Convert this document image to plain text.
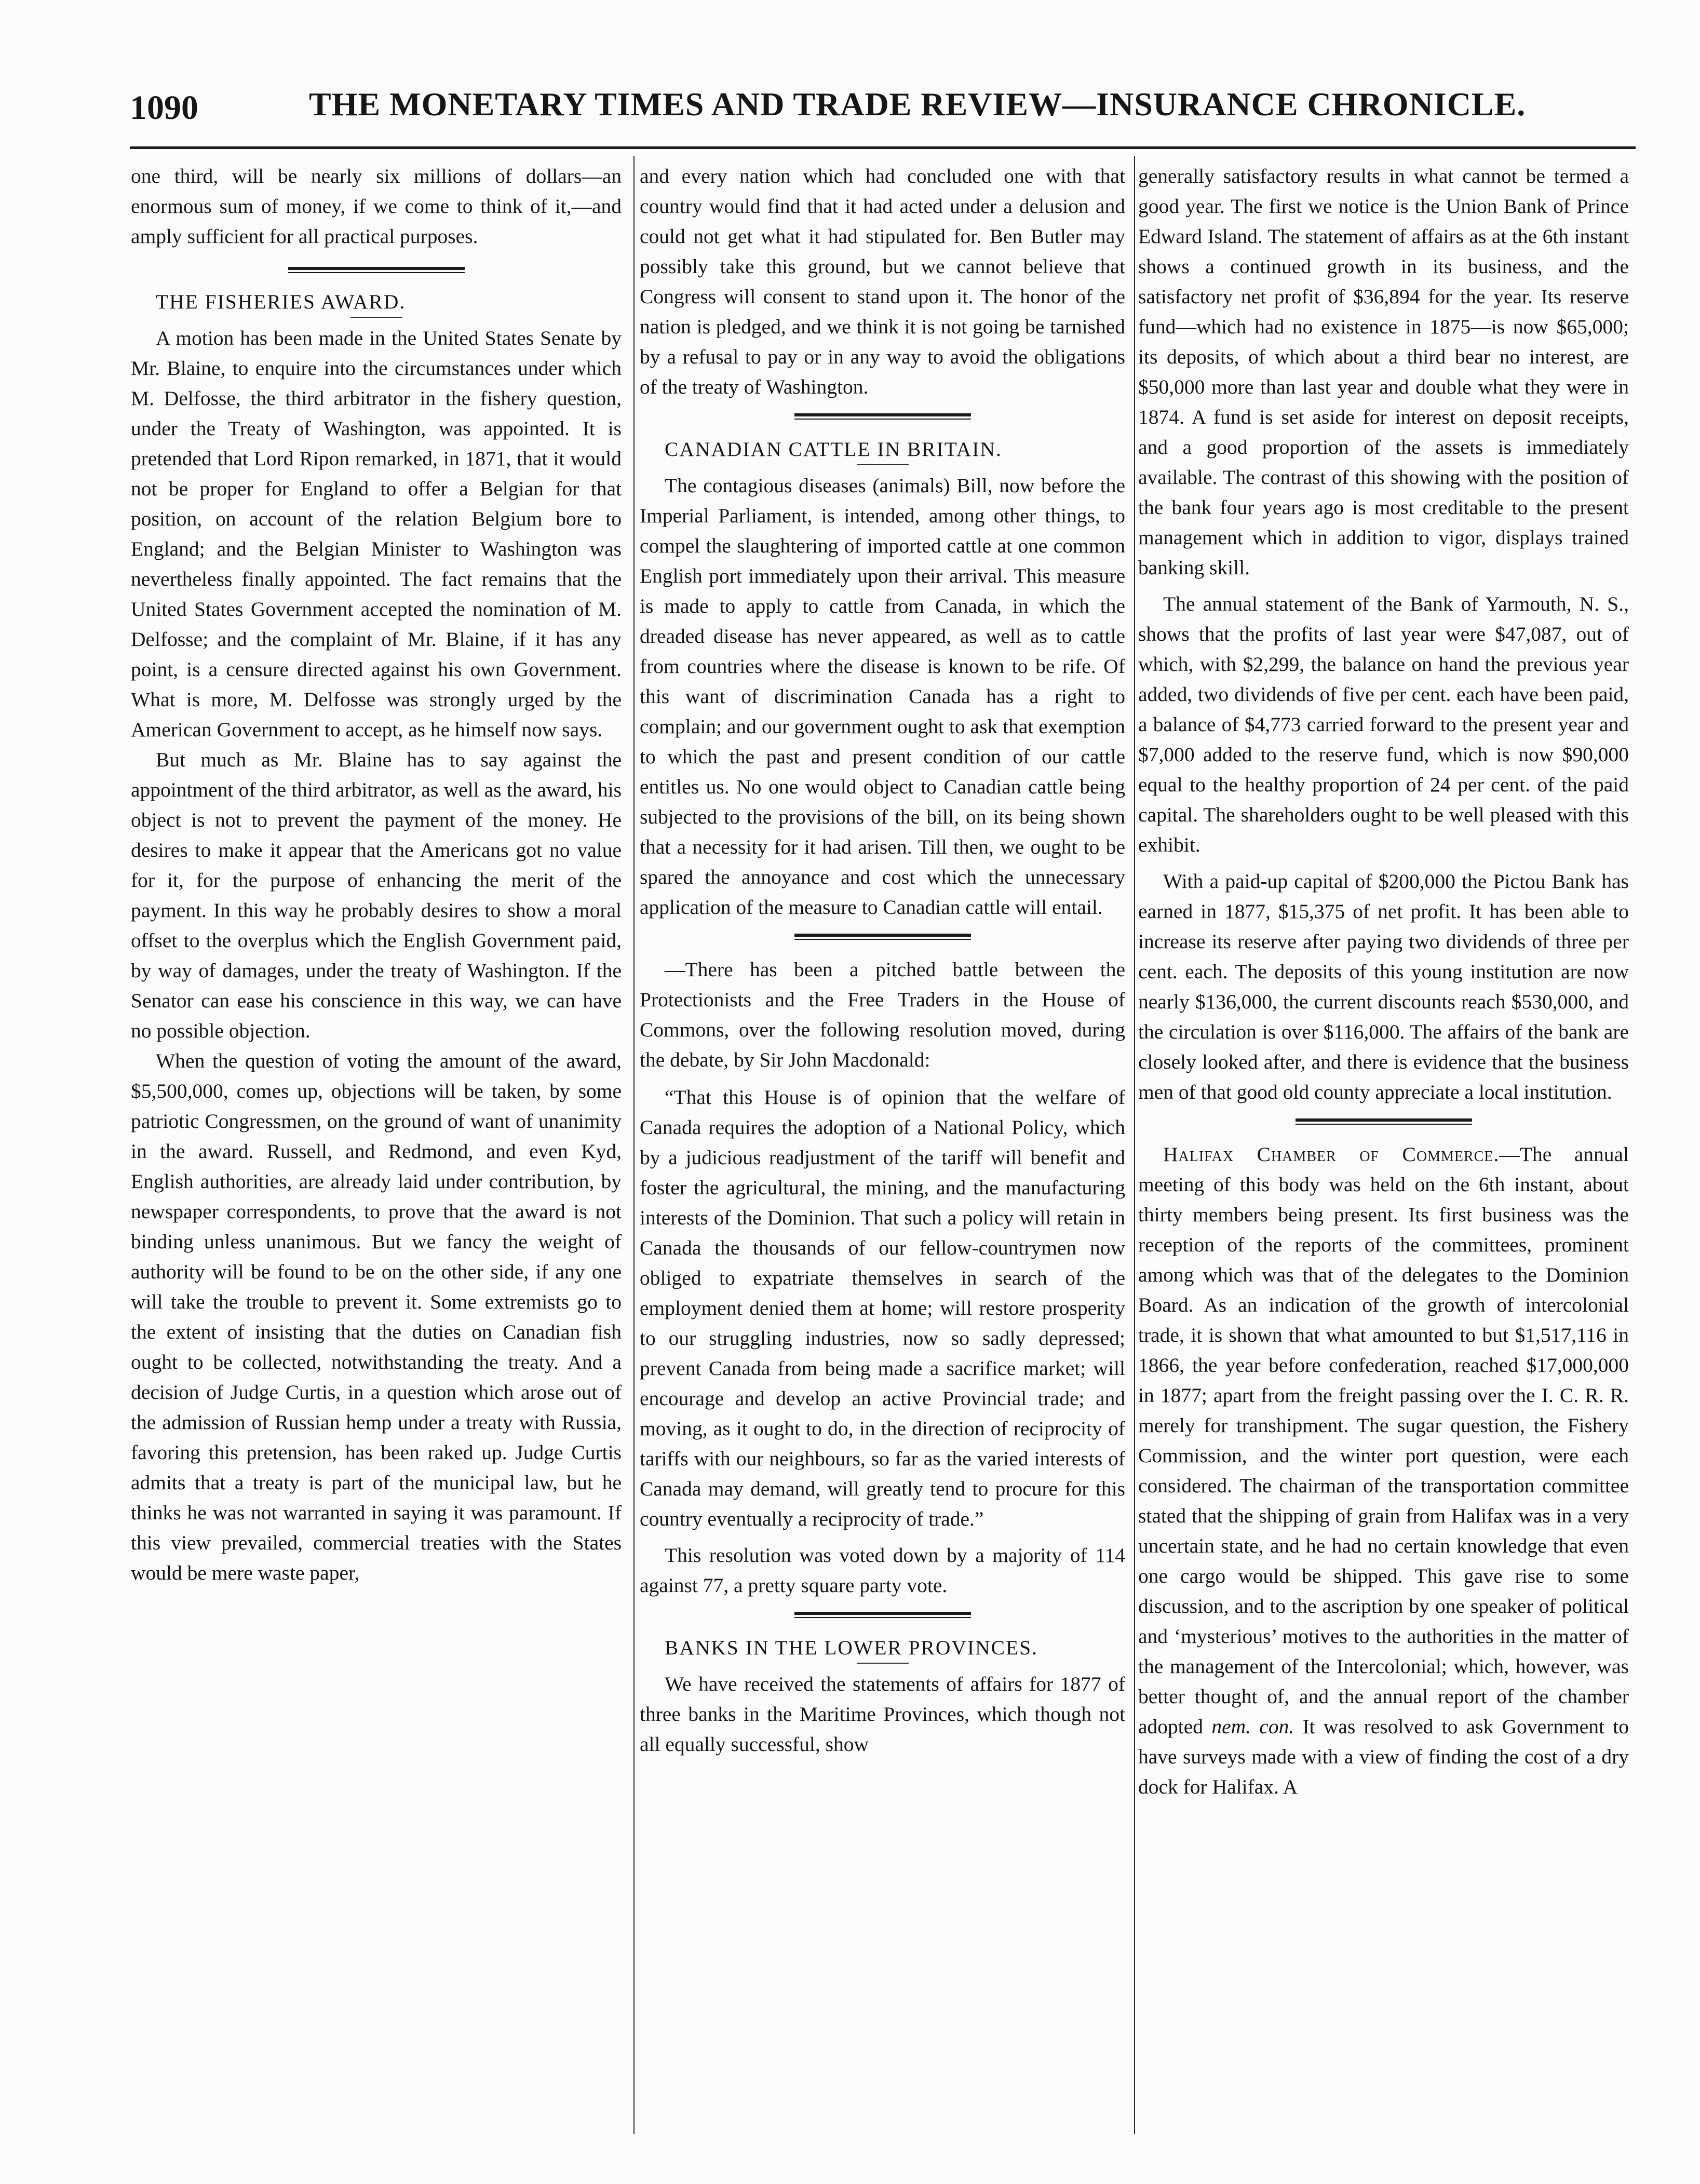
1090	THE MONETARY TIMES AND TRADE REVIEW—INSURANCE CHRONICLE.

one third, will be nearly six millions of dollars—an enormous sum of money, if we come to think of it,—and amply sufficient for all practical purposes.

THE FISHERIES AWARD.

A motion has been made in the United States Senate by Mr. Blaine, to enquire into the circumstances under which M. Delfosse, the third arbitrator in the fishery question, under the Treaty of Washington, was appointed. It is pretended that Lord Ripon remarked, in 1871, that it would not be proper for England to offer a Belgian for that position, on account of the relation Belgium bore to England; and the Belgian Minister to Washington was nevertheless finally appointed. The fact remains that the United States Government accepted the nomination of M. Delfosse; and the complaint of Mr. Blaine, if it has any point, is a censure directed against his own Government. What is more, M. Delfosse was strongly urged by the American Government to accept, as he himself now says.

But much as Mr. Blaine has to say against the appointment of the third arbitrator, as well as the award, his object is not to prevent the payment of the money. He desires to make it appear that the Americans got no value for it, for the purpose of enhancing the merit of the payment. In this way he probably desires to show a moral offset to the overplus which the English Government paid, by way of damages, under the treaty of Washington. If the Senator can ease his conscience in this way, we can have no possible objection.

When the question of voting the amount of the award, $5,500,000, comes up, objections will be taken, by some patriotic Congressmen, on the ground of want of unanimity in the award. Russell, and Redmond, and even Kyd, English authorities, are already laid under contribution, by newspaper correspondents, to prove that the award is not binding unless unanimous. But we fancy the weight of authority will be found to be on the other side, if any one will take the trouble to prevent it. Some extremists go to the extent of insisting that the duties on Canadian fish ought to be collected, notwithstanding the treaty. And a decision of Judge Curtis, in a question which arose out of the admission of Russian hemp under a treaty with Russia, favoring this pretension, has been raked up. Judge Curtis admits that a treaty is part of the municipal law, but he thinks he was not warranted in saying it was paramount. If this view prevailed, commercial treaties with the States would be mere waste paper,

and every nation which had concluded one with that country would find that it had acted under a delusion and could not get what it had stipulated for. Ben Butler may possibly take this ground, but we cannot believe that Congress will consent to stand upon it. The honor of the nation is pledged, and we think it is not going be tarnished by a refusal to pay or in any way to avoid the obligations of the treaty of Washington.

CANADIAN CATTLE IN BRITAIN.

The contagious diseases (animals) Bill, now before the Imperial Parliament, is intended, among other things, to compel the slaughtering of imported cattle at one common English port immediately upon their arrival. This measure is made to apply to cattle from Canada, in which the dreaded disease has never appeared, as well as to cattle from countries where the disease is known to be rife. Of this want of discrimination Canada has a right to complain; and our government ought to ask that exemption to which the past and present condition of our cattle entitles us. No one would object to Canadian cattle being subjected to the provisions of the bill, on its being shown that a necessity for it had arisen. Till then, we ought to be spared the annoyance and cost which the unnecessary application of the measure to Canadian cattle will entail.

—There has been a pitched battle between the Protectionists and the Free Traders in the House of Commons, over the following resolution moved, during the debate, by Sir John Macdonald:

“That this House is of opinion that the welfare of Canada requires the adoption of a National Policy, which by a judicious readjustment of the tariff will benefit and foster the agricultural, the mining, and the manufacturing interests of the Dominion. That such a policy will retain in Canada the thousands of our fellow-countrymen now obliged to expatriate themselves in search of the employment denied them at home; will restore prosperity to our struggling industries, now so sadly depressed; prevent Canada from being made a sacrifice market; will encourage and develop an active Provincial trade; and moving, as it ought to do, in the direction of reciprocity of tariffs with our neighbours, so far as the varied interests of Canada may demand, will greatly tend to procure for this country eventually a reciprocity of trade.”

This resolution was voted down by a majority of 114 against 77, a pretty square party vote.

BANKS IN THE LOWER PROVINCES.

We have received the statements of affairs for 1877 of three banks in the Maritime Provinces, which though not all equally successful, show

generally satisfactory results in what cannot be termed a good year. The first we notice is the Union Bank of Prince Edward Island. The statement of affairs as at the 6th instant shows a continued growth in its business, and the satisfactory net profit of $36,894 for the year. Its reserve fund—which had no existence in 1875—is now $65,000; its deposits, of which about a third bear no interest, are $50,000 more than last year and double what they were in 1874. A fund is set aside for interest on deposit receipts, and a good proportion of the assets is immediately available. The contrast of this showing with the position of the bank four years ago is most creditable to the present management which in addition to vigor, displays trained banking skill.

The annual statement of the Bank of Yarmouth, N. S., shows that the profits of last year were $47,087, out of which, with $2,299, the balance on hand the previous year added, two dividends of five per cent. each have been paid, a balance of $4,773 carried forward to the present year and $7,000 added to the reserve fund, which is now $90,000 equal to the healthy proportion of 24 per cent. of the paid capital. The shareholders ought to be well pleased with this exhibit.

With a paid-up capital of $200,000 the Pictou Bank has earned in 1877, $15,375 of net profit. It has been able to increase its reserve after paying two dividends of three per cent. each. The deposits of this young institution are now nearly $136,000, the current discounts reach $530,000, and the circulation is over $116,000. The affairs of the bank are closely looked after, and there is evidence that the business men of that good old county appreciate a local institution.

Halifax Chamber of Commerce.—The annual meeting of this body was held on the 6th instant, about thirty members being present. Its first business was the reception of the reports of the committees, prominent among which was that of the delegates to the Dominion Board. As an indication of the growth of intercolonial trade, it is shown that what amounted to but $1,517,116 in 1866, the year before confederation, reached $17,000,000 in 1877; apart from the freight passing over the I. C. R. R. merely for transhipment. The sugar question, the Fishery Commission, and the winter port question, were each considered. The chairman of the transportation committee stated that the shipping of grain from Halifax was in a very uncertain state, and he had no certain knowledge that even one cargo would be shipped. This gave rise to some discussion, and to the ascription by one speaker of political and ‘mysterious’ motives to the authorities in the matter of the management of the Intercolonial; which, however, was better thought of, and the annual report of the chamber adopted nem. con. It was resolved to ask Government to have surveys made with a view of finding the cost of a dry dock for Halifax. A
